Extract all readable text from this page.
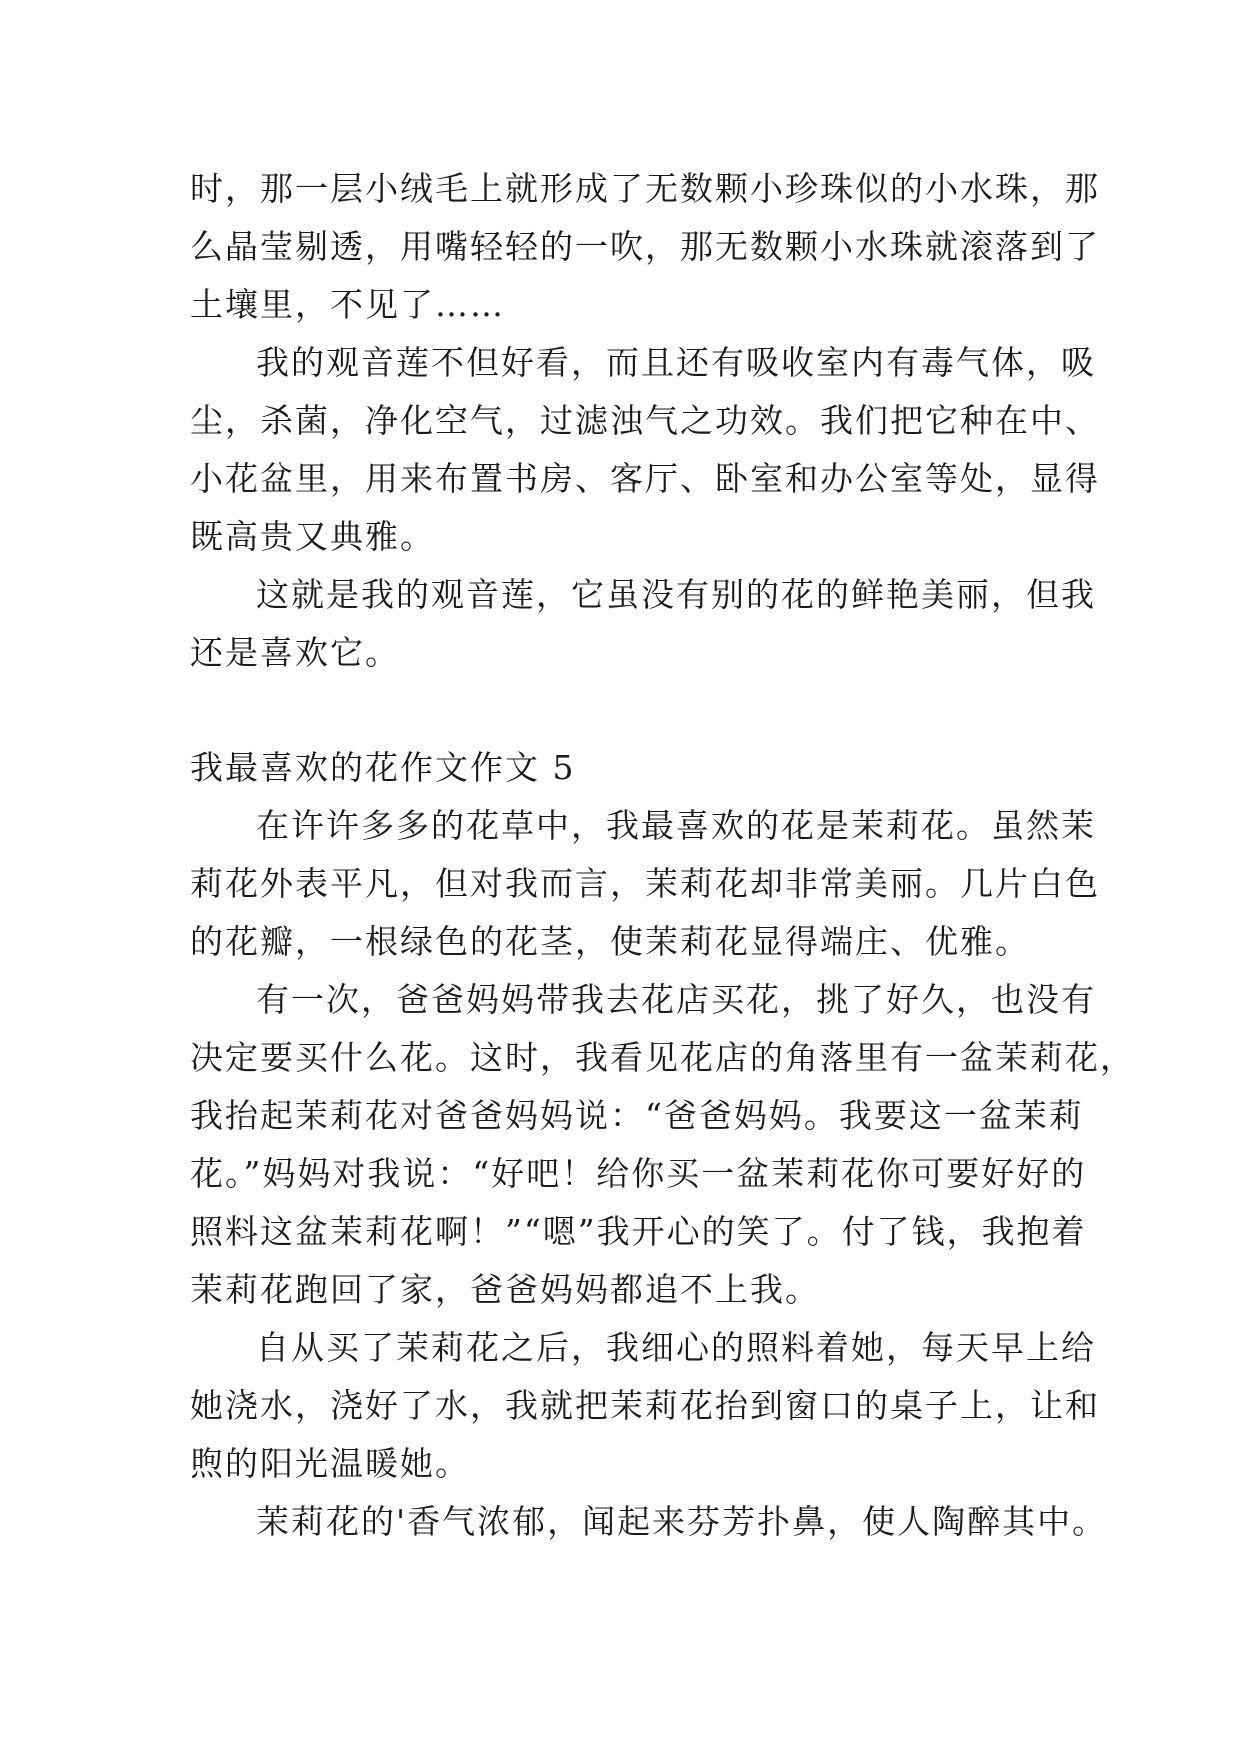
时，那一层小绒毛上就形成了无数颗小珍珠似的小水珠，那
么晶莹剔透，用嘴轻轻的一吹，那无数颗小水珠就滚落到了
土壤里，不见了……
我的观音莲不但好看，而且还有吸收室内有毒气体，吸
尘，杀菌，净化空气，过滤浊气之功效。我们把它种在中、
小花盆里，用来布置书房、客厅、卧室和办公室等处，显得
既高贵又典雅。
这就是我的观音莲，它虽没有别的花的鲜艳美丽，但我
还是喜欢它。
我最喜欢的花作文作文 5
在许许多多的花草中，我最喜欢的花是茉莉花。虽然茉
莉花外表平凡，但对我而言，茉莉花却非常美丽。几片白色
的花瓣，一根绿色的花茎，使茉莉花显得端庄、优雅。
有一次，爸爸妈妈带我去花店买花，挑了好久，也没有
决定要买什么花。这时，我看见花店的角落里有一盆茉莉花，
我抬起茉莉花对爸爸妈妈说：“爸爸妈妈。我要这一盆茉莉
花。”妈妈对我说：“好吧！给你买一盆茉莉花你可要好好的
照料这盆茉莉花啊！”“嗯”我开心的笑了。付了钱，我抱着
茉莉花跑回了家，爸爸妈妈都追不上我。
自从买了茉莉花之后，我细心的照料着她，每天早上给
她浇水，浇好了水，我就把茉莉花抬到窗口的桌子上，让和
煦的阳光温暖她。
茉莉花的'香气浓郁，闻起来芬芳扑鼻，使人陶醉其中。
